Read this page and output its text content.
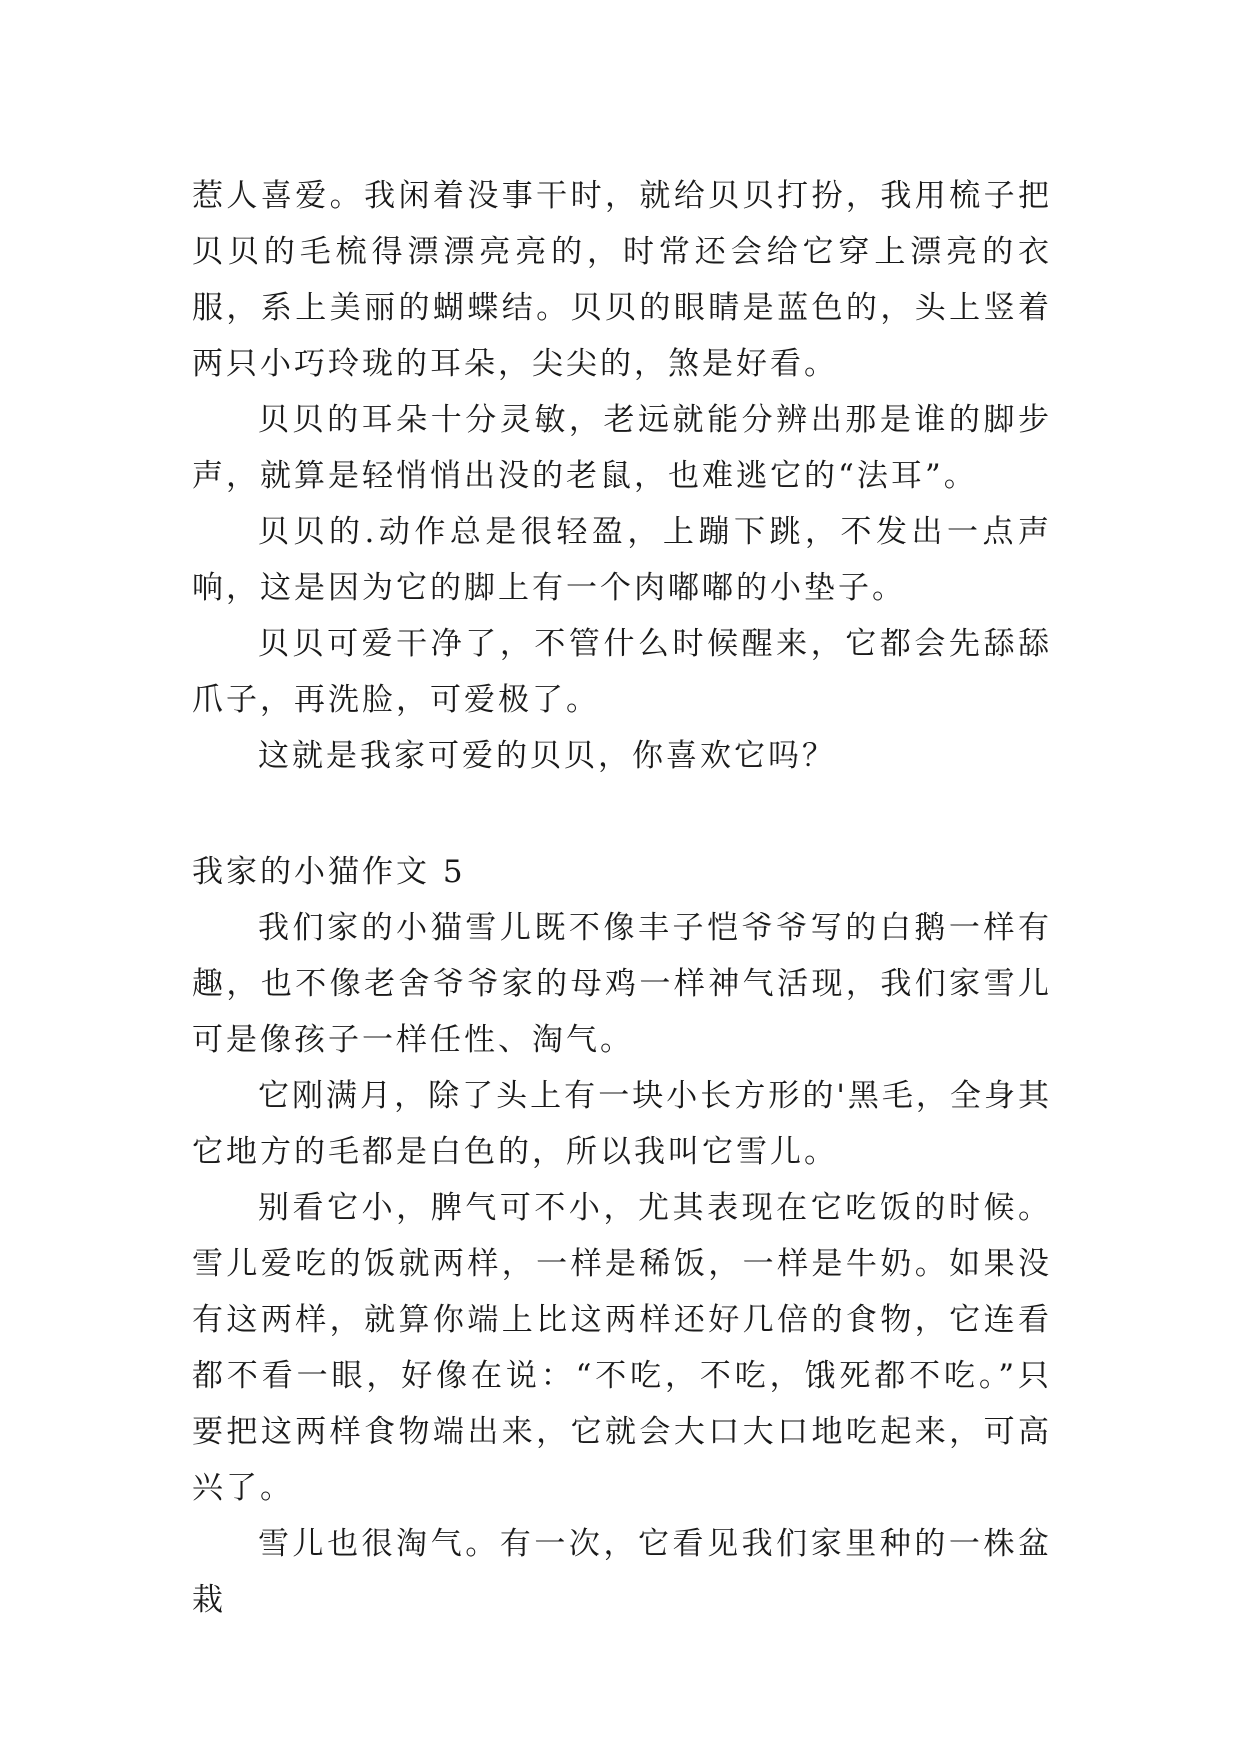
惹人喜爱。我闲着没事干时，就给贝贝打扮，我用梳子把贝贝的毛梳得漂漂亮亮的，时常还会给它穿上漂亮的衣服，系上美丽的蝴蝶结。贝贝的眼睛是蓝色的，头上竖着两只小巧玲珑的耳朵，尖尖的，煞是好看。

贝贝的耳朵十分灵敏，老远就能分辨出那是谁的脚步声，就算是轻悄悄出没的老鼠，也难逃它的“法耳”。

贝贝的.动作总是很轻盈，上蹦下跳，不发出一点声响，这是因为它的脚上有一个肉嘟嘟的小垫子。

贝贝可爱干净了，不管什么时候醒来，它都会先舔舔爪子，再洗脸，可爱极了。

这就是我家可爱的贝贝，你喜欢它吗？

我家的小猫作文 5

我们家的小猫雪儿既不像丰子恺爷爷写的白鹅一样有趣，也不像老舍爷爷家的母鸡一样神气活现，我们家雪儿可是像孩子一样任性、淘气。

它刚满月，除了头上有一块小长方形的'黑毛，全身其它地方的毛都是白色的，所以我叫它雪儿。

别看它小，脾气可不小，尤其表现在它吃饭的时候。雪儿爱吃的饭就两样，一样是稀饭，一样是牛奶。如果没有这两样，就算你端上比这两样还好几倍的食物，它连看都不看一眼，好像在说：“不吃，不吃，饿死都不吃。”只要把这两样食物端出来，它就会大口大口地吃起来，可高兴了。

雪儿也很淘气。有一次，它看见我们家里种的一株盆栽
